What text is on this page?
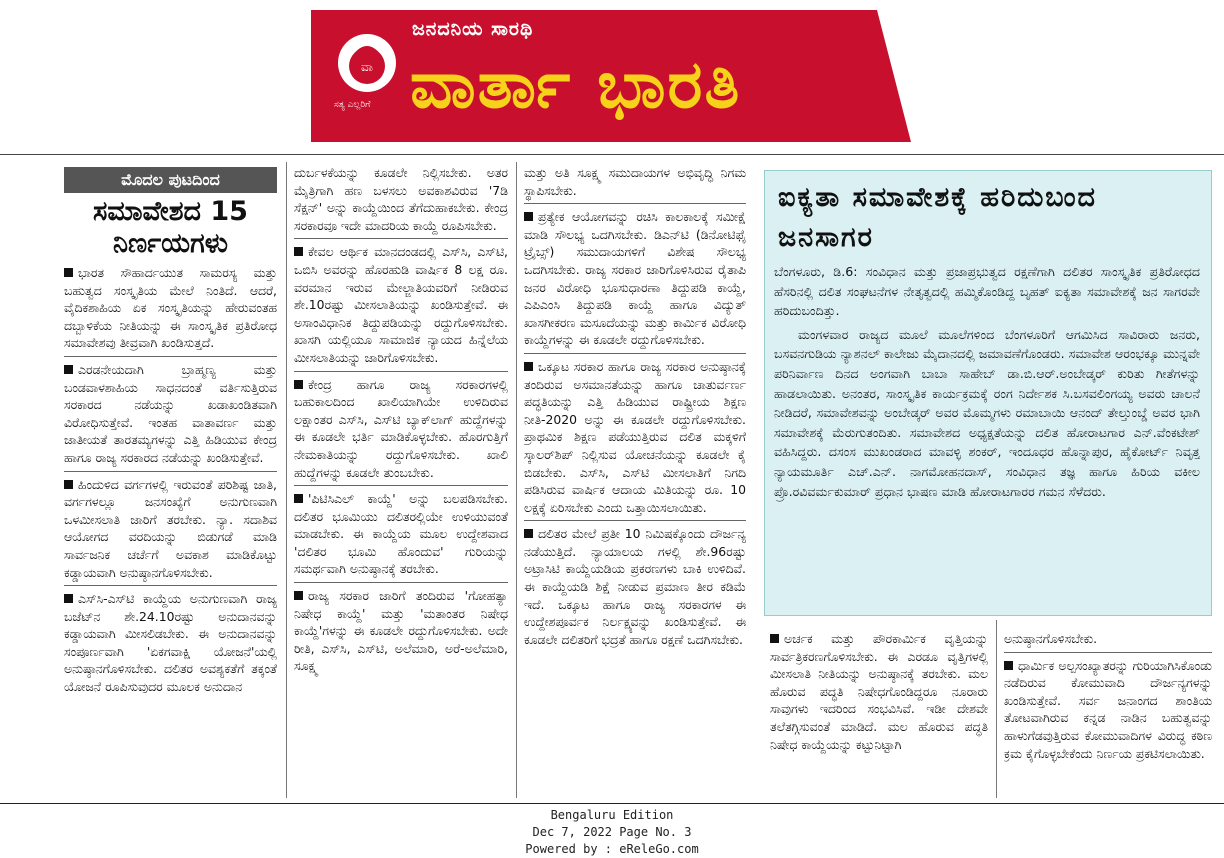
ವಾ
ಸತ್ಯ ಎಲ್ಲರಿಗೆ
ಜನದನಿಯ ಸಾರಥಿ
ವಾರ್ತಾ ಭಾರತಿ
ಮೊದಲ ಪುಟದಿಂದ
ಸಮಾವೇಶದ 15 ನಿರ್ಣಯಗಳು

ಭಾರತ ಸೌಹಾರ್ದಯುತ ಸಾಮರಸ್ಯ ಮತ್ತು ಬಹುತ್ವದ ಸಂಸ್ಕೃತಿಯ ಮೇಲೆ ನಿಂತಿದೆ. ಆದರೆ, ವೈದಿಕಶಾಹಿಯ ಏಕ ಸಂಸ್ಕೃತಿಯನ್ನು ಹೇರುವಂತಹ ದಬ್ಬಾಳಿಕೆಯ ನೀತಿಯನ್ನು ಈ ಸಾಂಸ್ಕೃತಿಕ ಪ್ರತಿರೋಧ ಸಮಾವೇಶವು ತೀವ್ರವಾಗಿ ಖಂಡಿಸುತ್ತದೆ.

ಎರಡನೇಯದಾಗಿ ಬ್ರಾಹ್ಮಣ್ಯ ಮತ್ತು ಬಂಡವಾಳಶಾಹಿಯ ಸಾಧನದಂತೆ ವರ್ತಿಸುತ್ತಿರುವ ಸರಕಾರದ ನಡೆಯನ್ನು ಖಡಾಖಂಡಿತವಾಗಿ ವಿರೋಧಿಸುತ್ತೇವೆ. ಇಂತಹ ವಾತಾವರ್ಣ ಮತ್ತು ಜಾತೀಯತೆ ತಾರತಮ್ಯಗಳನ್ನು ಎತ್ತಿ ಹಿಡಿಯುವ ಕೇಂದ್ರ ಹಾಗೂ ರಾಜ್ಯ ಸರಕಾರದ ನಡೆಯನ್ನು ಖಂಡಿಸುತ್ತೇವೆ.

ಹಿಂದುಳಿದ ವರ್ಗಗಳಲ್ಲಿ ಇರುವಂತೆ ಪರಿಶಿಷ್ಟ ಜಾತಿ, ವರ್ಗಗಳಲ್ಲೂ ಜನಸಂಖ್ಯೆಗೆ ಅನುಗುಣವಾಗಿ ಒಳಮೀಸಲಾತಿ ಜಾರಿಗೆ ತರಬೇಕು. ನ್ಯಾ. ಸದಾಶಿವ ಆಯೋಗದ ವರದಿಯನ್ನು ಬಿಡುಗಡೆ ಮಾಡಿ ಸಾರ್ವಜನಿಕ ಚರ್ಚೆಗೆ ಅವಕಾಶ ಮಾಡಿಕೊಟ್ಟು ಕಡ್ಡಾಯವಾಗಿ ಅನುಷ್ಠಾನಗೊಳಿಸಬೇಕು.

ಎಸ್‌ಸಿ-ಎಸ್‌ಟಿ ಕಾಯ್ದೆಯ ಅನುಗುಣವಾಗಿ ರಾಜ್ಯ ಬಜೆಟ್‌ನ ಶೇ.24.10ರಷ್ಟು ಅನುದಾನವನ್ನು ಕಡ್ಡಾಯವಾಗಿ ಮೀಸಲಿಡಬೇಕು. ಈ ಅನುದಾನವನ್ನು ಸಂಪೂರ್ಣವಾಗಿ 'ಏಕಗವಾಕ್ಷಿ ಯೋಜನೆ'ಯಲ್ಲಿ ಅನುಷ್ಠಾನಗೊಳಿಸಬೇಕು. ದಲಿತರ ಅವಶ್ಯಕತೆಗೆ ತಕ್ಕಂತೆ ಯೋಜನೆ ರೂಪಿಸುವುದರ ಮೂಲಕ ಅನುದಾನ

ದುರ್ಬಳಕೆಯನ್ನು ಕೂಡಲೇ ನಿಲ್ಲಿಸಬೇಕು. ಅತರ ಮೈತ್ರಿಗಾಗಿ ಹಣ ಬಳಸಲು ಅವಕಾಶವಿರುವ '7ಡಿ ಸೆಕ್ಷನ್' ಅನ್ನು ಕಾಯ್ದೆಯಿಂದ ತೆಗೆದುಹಾಕಬೇಕು. ಕೇಂದ್ರ ಸರಕಾರವೂ ಇದೇ ಮಾದರಿಯ ಕಾಯ್ದೆ ರೂಪಿಸಬೇಕು.

ಕೇವಲ ಆರ್ಥಿಕ ಮಾನದಂಡದಲ್ಲಿ ಎಸ್‌ಸಿ, ಎಸ್‌ಟಿ, ಒಬಿಸಿ ಅವರನ್ನು ಹೊರಹುಡಿ ವಾರ್ಷಿಕ 8 ಲಕ್ಷ ರೂ. ವರಮಾನ ಇರುವ ಮೇಲ್ಜಾತಿಯವರಿಗೆ ನೀಡಿರುವ ಶೇ.10ರಷ್ಟು ಮೀಸಲಾತಿಯನ್ನು ಖಂಡಿಸುತ್ತೇವೆ. ಈ ಅಸಾಂವಿಧಾನಿಕ ತಿದ್ದುಪಡಿಯನ್ನು ರದ್ದುಗೊಳಿಸಬೇಕು. ಖಾಸಗಿ ಯಲ್ಲಿಯೂ ಸಾಮಾಜಿಕ ನ್ಯಾಯದ ಹಿನ್ನೆಲೆಯ ಮೀಸಲಾತಿಯನ್ನು ಜಾರಿಗೊಳಿಸಬೇಕು.

ಕೇಂದ್ರ ಹಾಗೂ ರಾಜ್ಯ ಸರಕಾರಗಳಲ್ಲಿ ಬಹುಕಾಲದಿಂದ ಖಾಲಿಯಾಗಿಯೇ ಉಳಿದಿರುವ ಲಕ್ಷಾಂತರ ಎಸ್‌ಸಿ, ಎಸ್‌ಟಿ ಬ್ಯಾಕ್‌ಲಾಗ್ ಹುದ್ದೆಗಳನ್ನು ಈ ಕೂಡಲೇ ಭರ್ತಿ ಮಾಡಿಕೊಳ್ಳಬೇಕು. ಹೊರಗುತ್ತಿಗೆ ನೇಮಕಾತಿಯನ್ನು ರದ್ದುಗೊಳಿಸಬೇಕು. ಖಾಲಿ ಹುದ್ದೆಗಳನ್ನು ಕೂಡಲೇ ತುಂಬಬೇಕು.

'ಪಿಟಿಸಿಎಲ್ ಕಾಯ್ದೆ' ಅನ್ನು ಬಲಪಡಿಸಬೇಕು. ದಲಿತರ ಭೂಮಿಯು ದಲಿತರಲ್ಲಿಯೇ ಉಳಿಯುವಂತೆ ಮಾಡಬೇಕು. ಈ ಕಾಯ್ದೆಯ ಮೂಲ ಉದ್ದೇಶವಾದ 'ದಲಿತರ ಭೂಮಿ ಹೊಂದುವ' ಗುರಿಯನ್ನು ಸಮರ್ಥವಾಗಿ ಅನುಷ್ಠಾನಕ್ಕೆ ತರಬೇಕು.

ರಾಜ್ಯ ಸರಕಾರ ಜಾರಿಗೆ ತಂದಿರುವ 'ಗೋಹತ್ಯಾ ನಿಷೇಧ ಕಾಯ್ದೆ' ಮತ್ತು 'ಮತಾಂತರ ನಿಷೇಧ ಕಾಯ್ದೆ'ಗಳನ್ನು ಈ ಕೂಡಲೇ ರದ್ದುಗೊಳಿಸಬೇಕು. ಅದೇ ರೀತಿ, ಎಸ್‌ಸಿ, ಎಸ್‌ಟಿ, ಅಲೆಮಾರಿ, ಅರೆ-ಅಲೆಮಾರಿ, ಸೂಕ್ಷ್ಮ

ಮತ್ತು ಅತಿ ಸೂಕ್ಷ್ಮ ಸಮುದಾಯಗಳ ಅಭಿವೃದ್ಧಿ ನಿಗಮ ಸ್ಥಾಪಿಸಬೇಕು.

ಪ್ರತ್ಯೇಕ ಆಯೋಗವನ್ನು ರಚಿಸಿ ಕಾಲಕಾಲಕ್ಕೆ ಸಮೀಕ್ಷೆ ಮಾಡಿ ಸೌಲಭ್ಯ ಒದಗಿಸಬೇಕು. ಡಿಎನ್‌ಟಿ (ಡಿನೋಟಿಫೈ ಟ್ರೈಬ್ಸ್) ಸಮುದಾಯಗಳಿಗೆ ವಿಶೇಷ ಸೌಲಭ್ಯ ಒದಗಿಸಬೇಕು. ರಾಜ್ಯ ಸರಕಾರ ಜಾರಿಗೊಳಿಸಿರುವ ರೈತಾಪಿ ಜನರ ವಿರೋಧಿ ಭೂಸುಧಾರಣಾ ತಿದ್ದುಪಡಿ ಕಾಯ್ದೆ, ಎಪಿಎಂಸಿ ತಿದ್ದುಪಡಿ ಕಾಯ್ದೆ ಹಾಗೂ ವಿದ್ಯುತ್ ಖಾಸಗೀಕರಣ ಮಸೂದೆಯನ್ನು ಮತ್ತು ಕಾರ್ಮಿಕ ವಿರೋಧಿ ಕಾಯ್ದೆಗಳನ್ನು ಈ ಕೂಡಲೇ ರದ್ದುಗೊಳಿಸಬೇಕು.

ಒಕ್ಕೂಟ ಸರಕಾರ ಹಾಗೂ ರಾಜ್ಯ ಸರಕಾರ ಅನುಷ್ಠಾನಕ್ಕೆ ತಂದಿರುವ ಅಸಮಾನತೆಯನ್ನು ಹಾಗೂ ಚಾತುರ್ವರ್ಣ ಪದ್ಧತಿಯನ್ನು ಎತ್ತಿ ಹಿಡಿಯುವ ರಾಷ್ಟ್ರೀಯ ಶಿಕ್ಷಣ ನೀತಿ-2020 ಅನ್ನು ಈ ಕೂಡಲೇ ರದ್ದುಗೊಳಿಸಬೇಕು. ಪ್ರಾಥಮಿಕ ಶಿಕ್ಷಣ ಪಡೆಯುತ್ತಿರುವ ದಲಿತ ಮಕ್ಕಳಿಗೆ ಸ್ಕಾಲರ್‌ಶಿಪ್ ನಿಲ್ಲಿಸುವ ಯೋಚನೆಯನ್ನು ಕೂಡಲೇ ಕೈ ಬಿಡಬೇಕು. ಎಸ್‌ಸಿ, ಎಸ್‌ಟಿ ಮೀಸಲಾತಿಗೆ ನಿಗದಿ ಪಡಿಸಿರುವ ವಾರ್ಷಿಕ ಆದಾಯ ಮಿತಿಯನ್ನು ರೂ. 10 ಲಕ್ಷಕ್ಕೆ ಏರಿಸಬೇಕು ಎಂದು ಒತ್ತಾಯಿಸಲಾಯಿತು.

ದಲಿತರ ಮೇಲೆ ಪ್ರತೀ 10 ನಿಮಿಷಕ್ಕೊಂದು ದೌರ್ಜನ್ಯ ನಡೆಯುತ್ತಿದೆ. ನ್ಯಾಯಾಲಯ ಗಳಲ್ಲಿ ಶೇ.96ರಷ್ಟು ಅಟ್ರಾಸಿಟಿ ಕಾಯ್ದೆಯಡಿಯ ಪ್ರಕರಣಗಳು ಬಾಕಿ ಉಳಿದಿವೆ. ಈ ಕಾಯ್ದೆಯಡಿ ಶಿಕ್ಷೆ ನೀಡುವ ಪ್ರಮಾಣ ತೀರ ಕಡಿಮೆ ಇದೆ. ಒಕ್ಕೂಟ ಹಾಗೂ ರಾಜ್ಯ ಸರಕಾರಗಳ ಈ ಉದ್ದೇಶಪೂರ್ವಕ ನಿರ್ಲಕ್ಷ್ಯವನ್ನು ಖಂಡಿಸುತ್ತೇವೆ. ಈ ಕೂಡಲೇ ದಲಿತರಿಗೆ ಭದ್ರತೆ ಹಾಗೂ ರಕ್ಷಣೆ ಒದಗಿಸಬೇಕು.

ಐಕ್ಯತಾ ಸಮಾವೇಶಕ್ಕೆ ಹರಿದುಬಂದ ಜನಸಾಗರ

ಬೆಂಗಳೂರು, ಡಿ.6: ಸಂವಿಧಾನ ಮತ್ತು ಪ್ರಜಾಪ್ರಭುತ್ವದ ರಕ್ಷಣೆಗಾಗಿ ದಲಿತರ ಸಾಂಸ್ಕೃತಿಕ ಪ್ರತಿರೋಧದ ಹೆಸರಿನಲ್ಲಿ ದಲಿತ ಸಂಘಟನೆಗಳ ನೇತೃತ್ವದಲ್ಲಿ ಹಮ್ಮಿಕೊಂಡಿದ್ದ ಬೃಹತ್ ಐಕ್ಯತಾ ಸಮಾವೇಶಕ್ಕೆ ಜನ ಸಾಗರವೇ ಹರಿದುಬಂದಿತ್ತು.

ಮಂಗಳವಾರ ರಾಜ್ಯದ ಮೂಲೆ ಮೂಲೆಗಳಿಂದ ಬೆಂಗಳೂರಿಗೆ ಆಗಮಿಸಿದ ಸಾವಿರಾರು ಜನರು, ಬಸವನಗುಡಿಯ ನ್ಯಾಶನಲ್ ಕಾಲೇಜು ಮೈದಾನದಲ್ಲಿ ಜಮಾವಣೆಗೊಂಡರು. ಸಮಾವೇಶ ಆರಂಭಕ್ಕೂ ಮುನ್ನವೇ ಪರಿನಿರ್ವಾಣ ದಿನದ ಅಂಗವಾಗಿ ಬಾಬಾ ಸಾಹೇಬ್ ಡಾ.ಬಿ.ಆರ್.ಅಂಬೇಡ್ಕರ್ ಕುರಿತು ಗೀತೆಗಳನ್ನು ಹಾಡಲಾಯಿತು. ಅನಂತರ, ಸಾಂಸ್ಕೃತಿಕ ಕಾರ್ಯಕ್ರಮಕ್ಕೆ ರಂಗ ನಿರ್ದೇಶಕ ಸಿ.ಬಸವಲಿಂಗಯ್ಯ ಅವರು ಚಾಲನೆ ನೀಡಿದರೆ, ಸಮಾವೇಶವನ್ನು ಅಂಬೇಡ್ಕರ್ ಅವರ ಮೊಮ್ಮಗಳು ರಮಾಬಾಯಿ ಆನಂದ್ ತೇಲ್ತುಂಬ್ಡೆ ಅವರ ಭಾಗಿ ಸಮಾವೇಶಕ್ಕೆ ಮೆರುಗುತಂದಿತು. ಸಮಾವೇಶದ ಅಧ್ಯಕ್ಷತೆಯನ್ನು ದಲಿತ ಹೋರಾಟಗಾರ ಎನ್.ವೆಂಕಟೇಶ್ ವಹಿಸಿದ್ದರು. ದಸಂಸ ಮುಖಂಡರಾದ ಮಾವಳ್ಳಿ ಶಂಕರ್, ಇಂದೂಧರ ಹೊನ್ನಾಪುರ, ಹೈಕೋರ್ಟ್ ನಿವೃತ್ತ ನ್ಯಾಯಮೂರ್ತಿ ಎಚ್.ಎನ್. ನಾಗಮೋಹನದಾಸ್, ಸಂವಿಧಾನ ತಜ್ಞ ಹಾಗೂ ಹಿರಿಯ ವಕೀಲ ಪ್ರೊ.ರವಿವರ್ಮಕುಮಾರ್ ಪ್ರಧಾನ ಭಾಷಣ ಮಾಡಿ ಹೋರಾಟಗಾರರ ಗಮನ ಸೆಳೆದರು.

ಅರ್ಚಕ ಮತ್ತು ಪೌರಕಾರ್ಮಿಕ ವೃತ್ತಿಯನ್ನು ಸಾರ್ವತ್ರಿಕರಣಗೊಳಿಸಬೇಕು. ಈ ಎರಡೂ ವೃತ್ತಿಗಳಲ್ಲಿ ಮೀಸಲಾತಿ ನೀತಿಯನ್ನು ಅನುಷ್ಠಾನಕ್ಕೆ ತರಬೇಕು. ಮಲ ಹೊರುವ ಪದ್ಧತಿ ನಿಷೇಧಗೊಂಡಿದ್ದರೂ ನೂರಾರು ಸಾವುಗಳು ಇದರಿಂದ ಸಂಭವಿಸಿವೆ. ಇಡೀ ದೇಶವೇ ತಲೆತಗ್ಗಿಸುವಂತೆ ಮಾಡಿದೆ. ಮಲ ಹೊರುವ ಪದ್ಧತಿ ನಿಷೇಧ ಕಾಯ್ದೆಯನ್ನು ಕಟ್ಟುನಿಟ್ಟಾಗಿ

ಅನುಷ್ಠಾನಗೊಳಿಸಬೇಕು.

ಧಾರ್ಮಿಕ ಅಲ್ಪಸಂಖ್ಯಾತರನ್ನು ಗುರಿಯಾಗಿಸಿಕೊಂಡು ನಡೆದಿರುವ ಕೋಮುವಾದಿ ದೌರ್ಜನ್ಯಗಳನ್ನು ಖಂಡಿಸುತ್ತೇವೆ. ಸರ್ವ ಜನಾಂಗದ ಶಾಂತಿಯ ತೋಟವಾಗಿರುವ ಕನ್ನಡ ನಾಡಿನ ಬಹುತ್ವವನ್ನು ಹಾಳುಗೆಡವುತ್ತಿರುವ ಕೋಮುವಾದಿಗಳ ವಿರುದ್ಧ ಕಠಿಣ ಕ್ರಮ ಕೈಗೊಳ್ಳಬೇಕೆಂದು ನಿರ್ಣಯ ಪ್ರಕಟಿಸಲಾಯಿತು.

Bengaluru Edition
Dec 7, 2022 Page No. 3
Powered by : eReleGo.com
